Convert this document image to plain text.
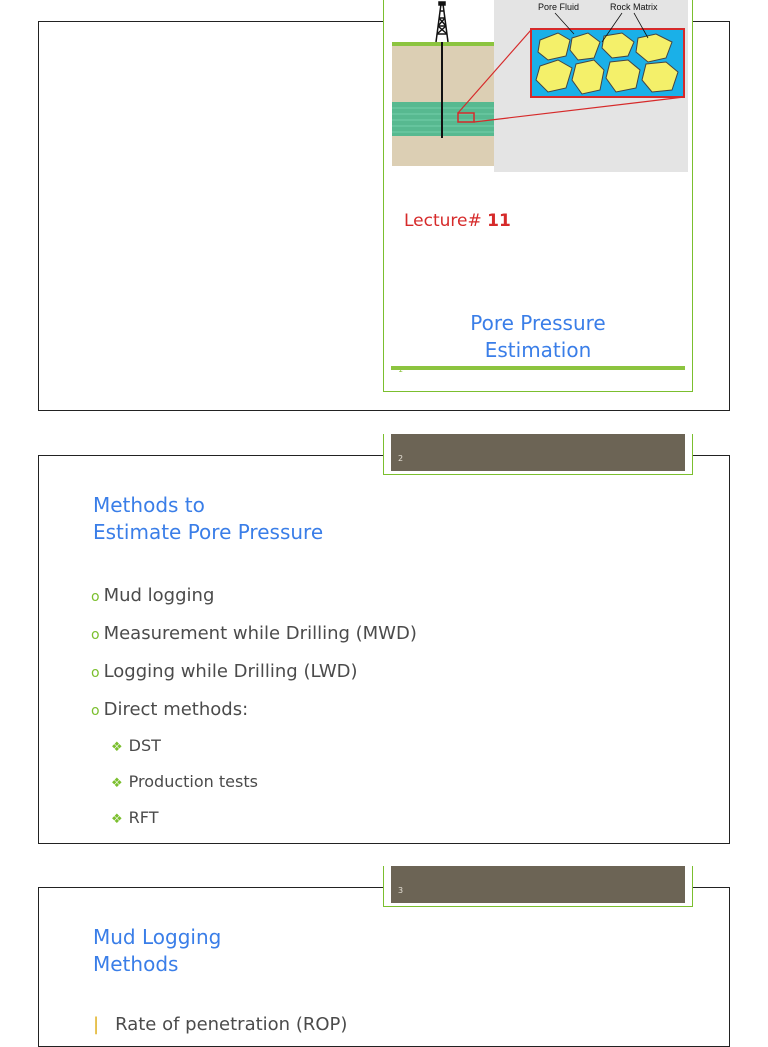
Pore Fluid	Rock Matrix
Lecture# 11
Pore Pressure
Estimation
2
Methods to
Estimate Pore Pressure
o Mud logging
o Measurement while Drilling (MWD)
o Logging while Drilling (LWD)
o Direct methods:
❖ DST
❖ Production tests
❖ RFT
3
Mud Logging
Methods
| Rate of penetration (ROP)
